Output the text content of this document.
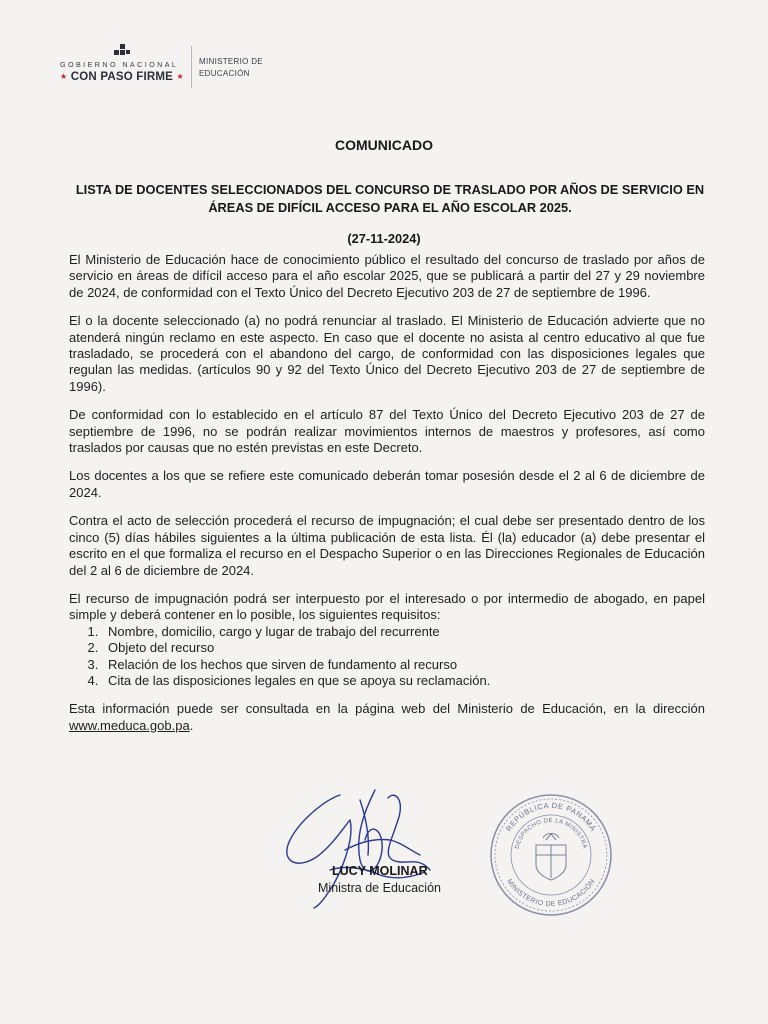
GOBIERNO NACIONAL
★ CON PASO FIRME ★
MINISTERIO DE
EDUCACIÓN
COMUNICADO
LISTA DE DOCENTES SELECCIONADOS DEL CONCURSO DE TRASLADO POR AÑOS DE SERVICIO EN ÁREAS DE DIFÍCIL ACCESO PARA EL AÑO ESCOLAR 2025.
(27-11-2024)

El Ministerio de Educación hace de conocimiento público el resultado del concurso de traslado por años de servicio en áreas de difícil acceso para el año escolar 2025, que se publicará a partir del 27 y 29 noviembre de 2024, de conformidad con el Texto Único del Decreto Ejecutivo 203 de 27 de septiembre de 1996.

El o la docente seleccionado (a) no podrá renunciar al traslado. El Ministerio de Educación advierte que no atenderá ningún reclamo en este aspecto. En caso que el docente no asista al centro educativo al que fue trasladado, se procederá con el abandono del cargo, de conformidad con las disposiciones legales que regulan las medidas. (artículos 90 y 92 del Texto Único del Decreto Ejecutivo 203 de 27 de septiembre de 1996).

De conformidad con lo establecido en el artículo 87 del Texto Único del Decreto Ejecutivo 203 de 27 de septiembre de 1996, no se podrán realizar movimientos internos de maestros y profesores, así como traslados por causas que no estén previstas en este Decreto.

Los docentes a los que se refiere este comunicado deberán tomar posesión desde el 2 al 6 de diciembre de 2024.

Contra el acto de selección procederá el recurso de impugnación; el cual debe ser presentado dentro de los cinco (5) días hábiles siguientes a la última publicación de esta lista. Él (la) educador (a) debe presentar el escrito en el que formaliza el recurso en el Despacho Superior o en las Direcciones Regionales de Educación del 2 al 6 de diciembre de 2024.

El recurso de impugnación podrá ser interpuesto por el interesado o por intermedio de abogado, en papel simple y deberá contener en lo posible, los siguientes requisitos:

1. Nombre, domicilio, cargo y lugar de trabajo del recurrente
2. Objeto del recurso
3. Relación de los hechos que sirven de fundamento al recurso
4. Cita de las disposiciones legales en que se apoya su reclamación.

Esta información puede ser consultada en la página web del Ministerio de Educación, en la dirección www.meduca.gob.pa.

LUCY MOLINAR
Ministra de Educación
REPÚBLICA DE PANAMÁ
DESPACHO DE LA MINISTRA
MINISTERIO DE EDUCACIÓN
